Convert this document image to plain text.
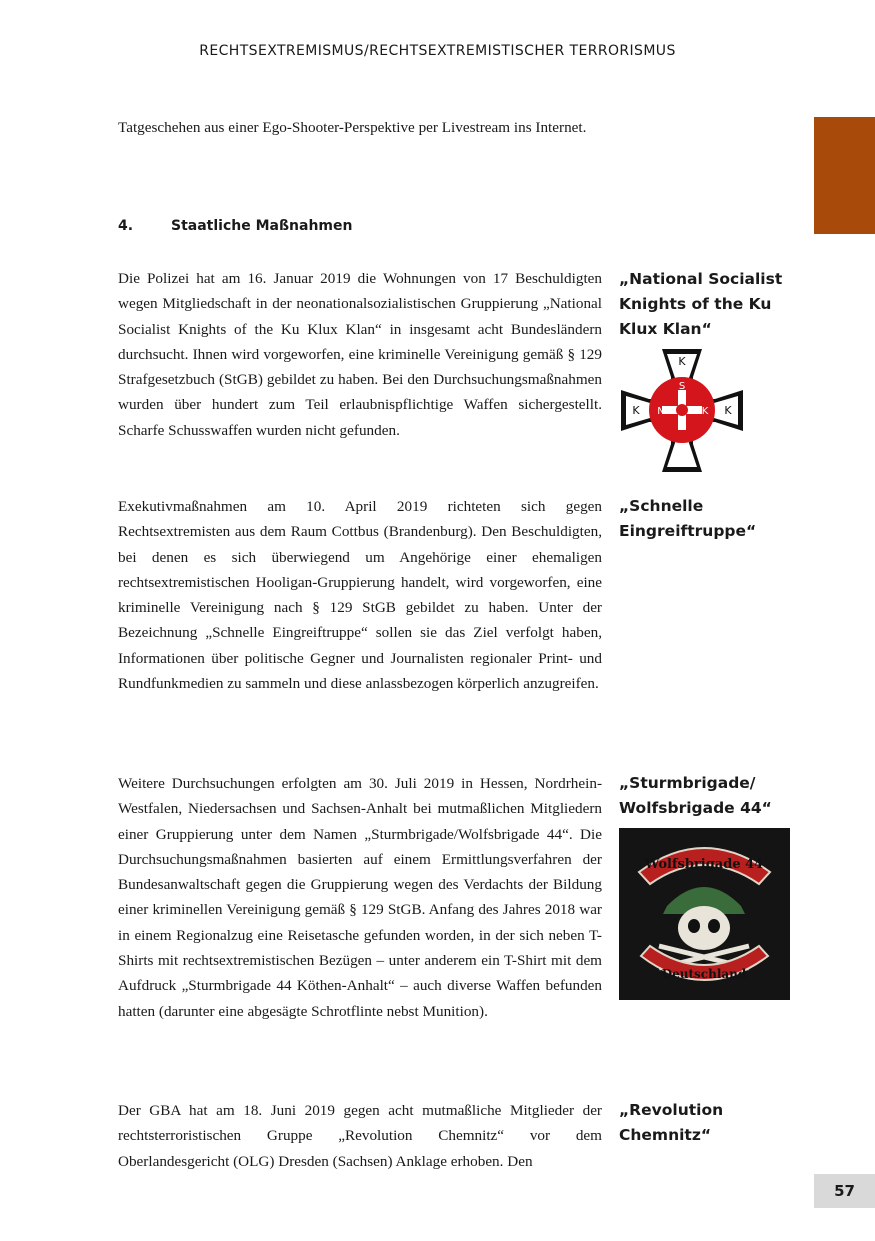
RECHTSEXTREMISMUS/RECHTSEXTREMISTISCHER TERRORISMUS
Tatgeschehen aus einer Ego-Shooter-Perspektive per Livestream ins Internet.
4.	Staatliche Maßnahmen
Die Polizei hat am 16. Januar 2019 die Wohnungen von 17 Beschuldigten wegen Mitgliedschaft in der neonationalsozialistischen Gruppierung „National Socialist Knights of the Ku Klux Klan“ in insgesamt acht Bundesländern durchsucht. Ihnen wird vorgeworfen, eine kriminelle Vereinigung gemäß § 129 Strafgesetzbuch (StGB) gebildet zu haben. Bei den Durchsuchungsmaßnahmen wurden über hundert zum Teil erlaubnispflichtige Waffen sichergestellt. Scharfe Schusswaffen wurden nicht gefunden.
„National Socialist Knights of the Ku Klux Klan“
K
S
K N	K K
Exekutivmaßnahmen am 10. April 2019 richteten sich gegen Rechtsextremisten aus dem Raum Cottbus (Brandenburg). Den Beschuldigten, bei denen es sich überwiegend um Angehörige einer ehemaligen rechtsextremistischen Hooligan-Gruppierung handelt, wird vorgeworfen, eine kriminelle Vereinigung nach § 129 StGB gebildet zu haben. Unter der Bezeichnung „Schnelle Eingreiftruppe“ sollen sie das Ziel verfolgt haben, Informationen über politische Gegner und Journalisten regionaler Print- und Rundfunkmedien zu sammeln und diese anlassbezogen körperlich anzugreifen.
„Schnelle Eingreiftruppe“
Weitere Durchsuchungen erfolgten am 30. Juli 2019 in Hessen, Nordrhein-Westfalen, Niedersachsen und Sachsen-Anhalt bei mutmaßlichen Mitgliedern einer Gruppierung unter dem Namen „Sturmbrigade/Wolfsbrigade 44“. Die Durchsuchungsmaßnahmen basierten auf einem Ermittlungsverfahren der Bundesanwaltschaft gegen die Gruppierung wegen des Verdachts der Bildung einer kriminellen Vereinigung gemäß § 129 StGB. Anfang des Jahres 2018 war in einem Regionalzug eine Reisetasche gefunden worden, in der sich neben T-Shirts mit rechtsextremistischen Bezügen – unter anderem ein T-Shirt mit dem Aufdruck „Sturmbrigade 44 Köthen-Anhalt“ – auch diverse Waffen befunden hatten (darunter eine abgesägte Schrotflinte nebst Munition).
„Sturmbrigade/ Wolfsbrigade 44“
Wolfsbrigade 44
Deutschland
Der GBA hat am 18. Juni 2019 gegen acht mutmaßliche Mitglieder der rechtsterroristischen Gruppe „Revolution Chemnitz“ vor dem Oberlandesgericht (OLG) Dresden (Sachsen) Anklage erhoben. Den
„Revolution Chemnitz“
57
